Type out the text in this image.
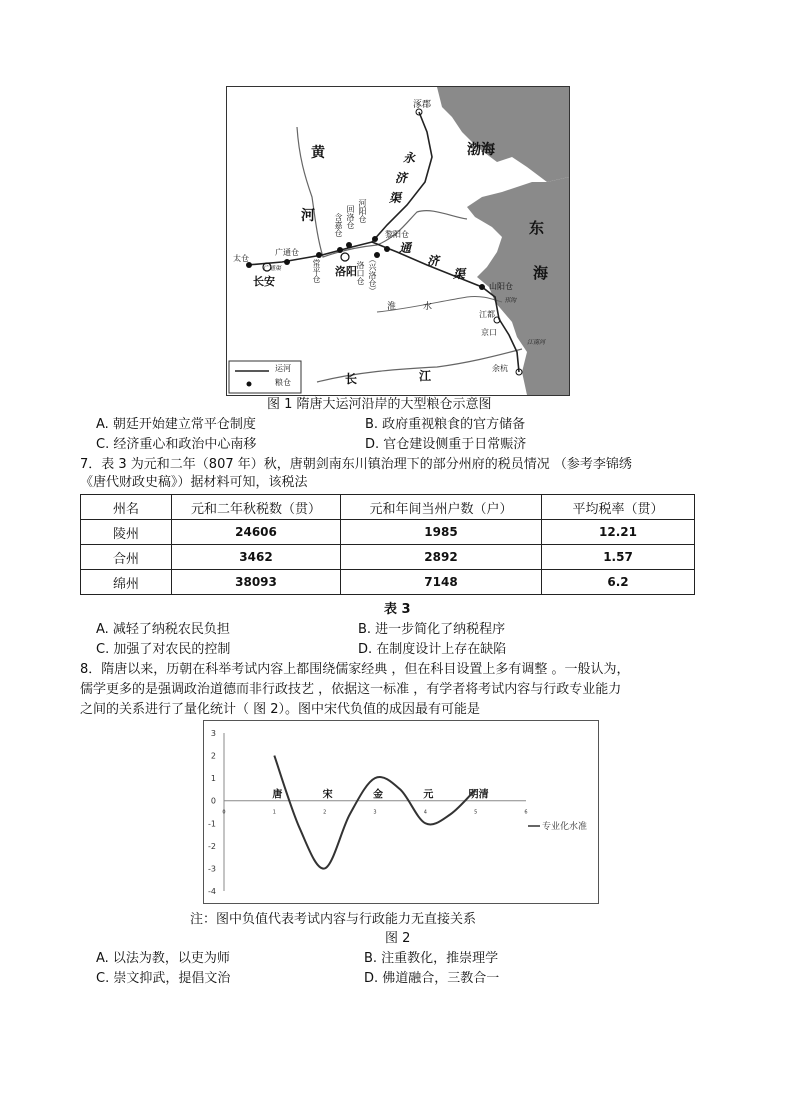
涿郡
渤海
东
海
黄
河
永
济
渠
通
济
渠
淮	水
长	江
长安
洛阳
太仓
广通仓
广通渠	常平仓
含嘉仓 回洛仓 河阳仓
黎阳仓
洛口仓 （兴洛仓）	山阳仓
江都
京口
余杭
邗沟
江南河
运河
粮仓
图 1 隋唐大运河沿岸的大型粮仓示意图
A. 朝廷开始建立常平仓制度	B. 政府重视粮食的官方储备
C. 经济重心和政治中心南移	D. 官仓建设侧重于日常赈济
7．表 3 为元和二年（807 年）秋，唐朝剑南东川镇治理下的部分州府的税员情况 （参考李锦绣
《唐代财政史稿》）据材料可知，该税法
州名	元和二年秋税数（贯）	元和年间当州户数（户）	平均税率（贯）
陵州	24606	1985	12.21
合州	3462	2892	1.57
绵州	38093	7148	6.2
表 3
A. 减轻了纳税农民负担	B. 进一步简化了纳税程序
C. 加强了对农民的控制	D. 在制度设计上存在缺陷
8．隋唐以来，历朝在科举考试内容上都围绕儒家经典 ，但在科目设置上多有调整 。一般认为，
儒学更多的是强调政治道德而非行政技艺 ，依据这一标准 ，有学者将考试内容与行政专业能力
之间的关系进行了量化统计（ 图 2）。图中宋代负值的成因最有可能是
3
2
1
0
-1
-2
-3
-4
0	1	2	3	4	5	6
唐	宋	金	元	明清
专业化水准
注：图中负值代表考试内容与行政能力无直接关系
图 2
A. 以法为教，以吏为师	B. 注重教化，推崇理学
C. 崇文抑武，提倡文治	D. 佛道融合，三教合一
